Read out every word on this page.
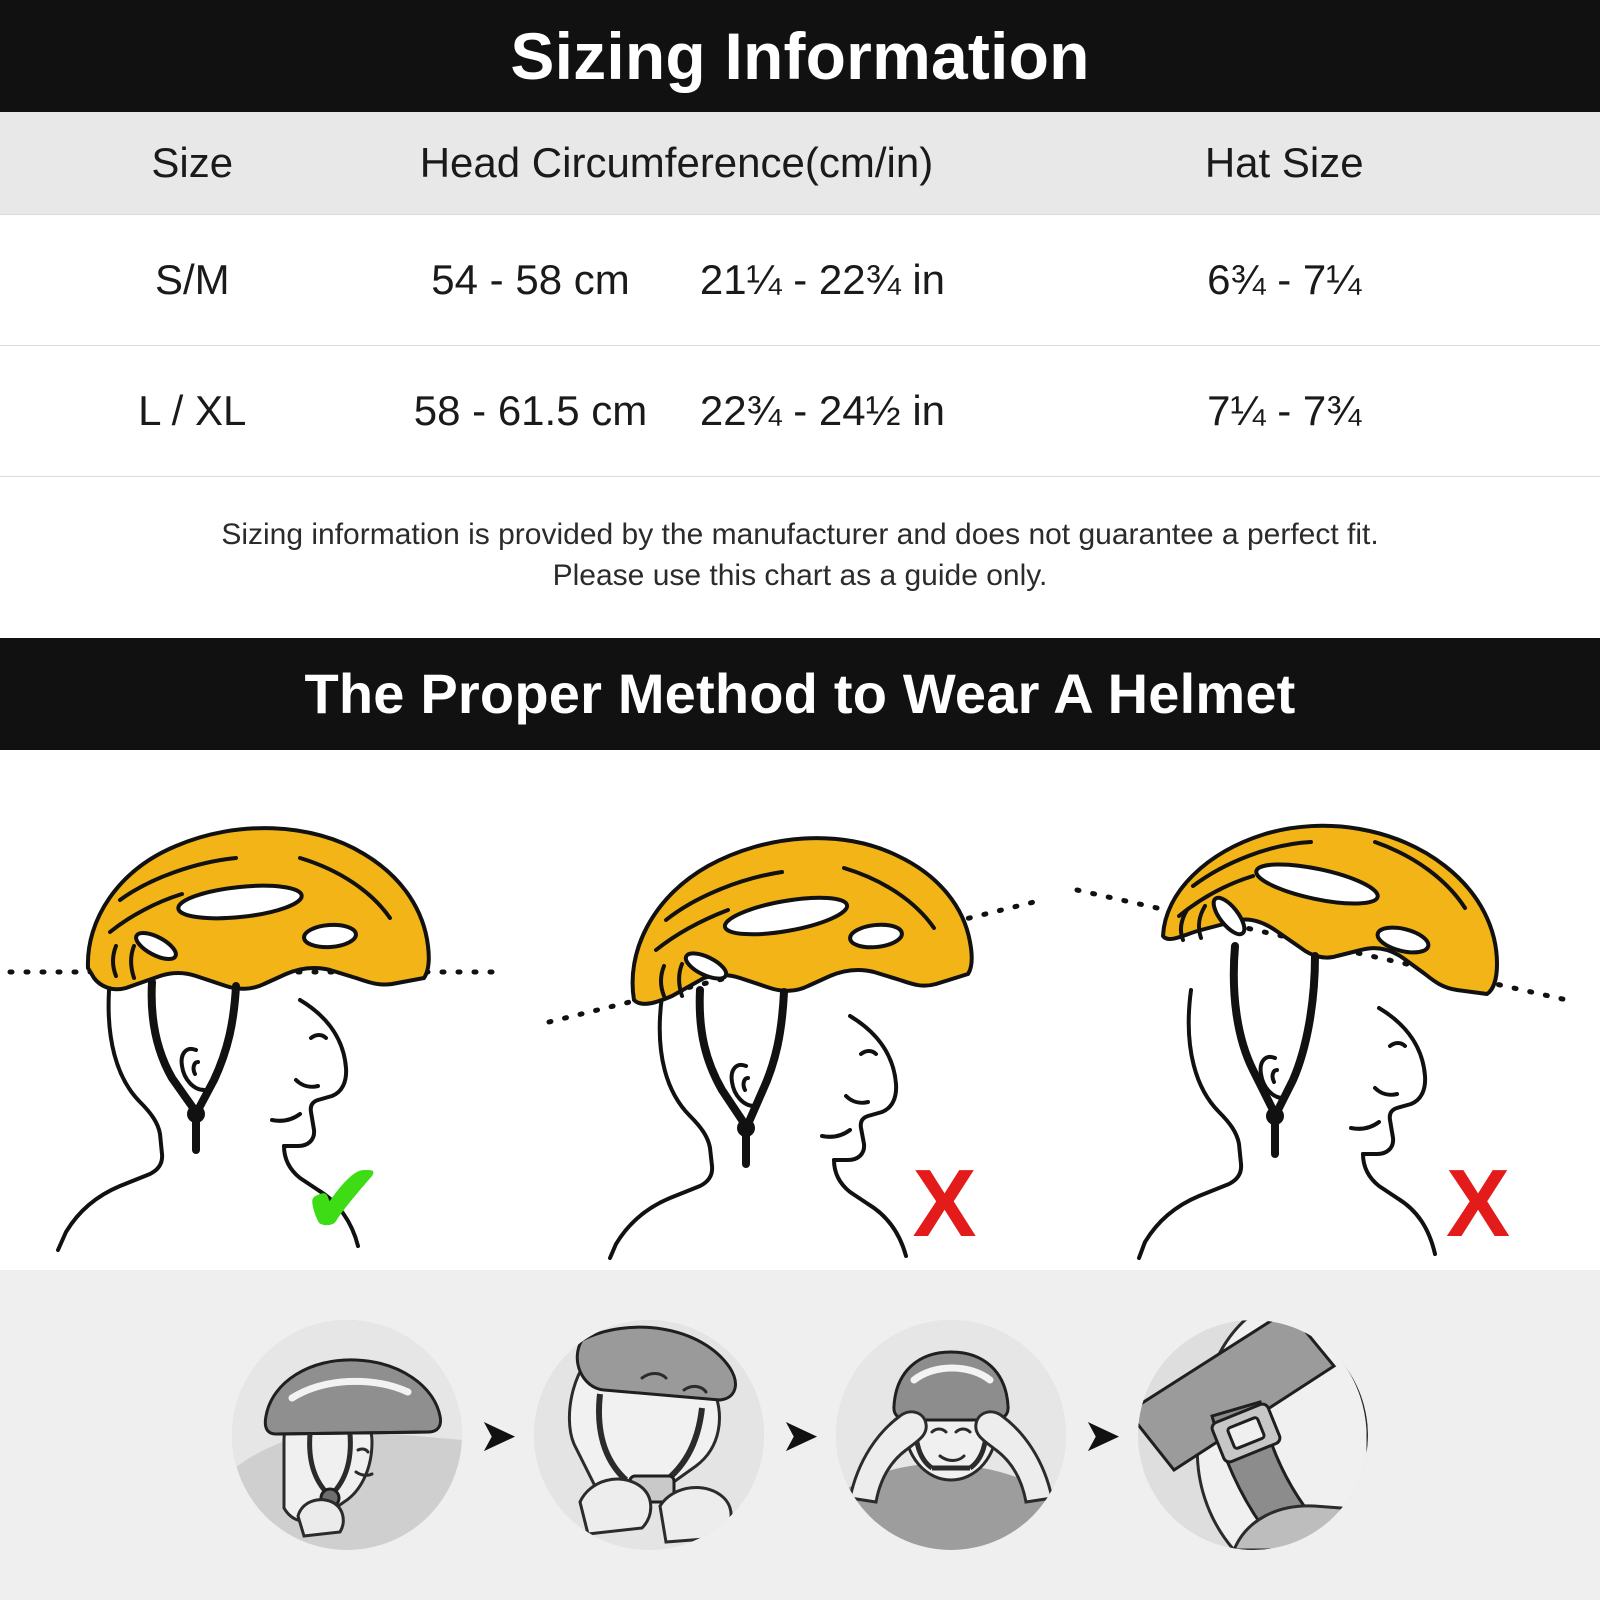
Sizing Information
Size	Head Circumference(cm/in)		Hat Size
S/M	54 - 58 cm	21¼ - 22¾ in	6¾ - 7¼
L / XL	58 - 61.5 cm	22¾ - 24½ in	7¼ - 7¾
Sizing information is provided by the manufacturer and does not guarantee a perfect fit.
Please use this chart as a guide only.
The Proper Method to Wear A Helmet
✔	X	X
➤	➤	➤
